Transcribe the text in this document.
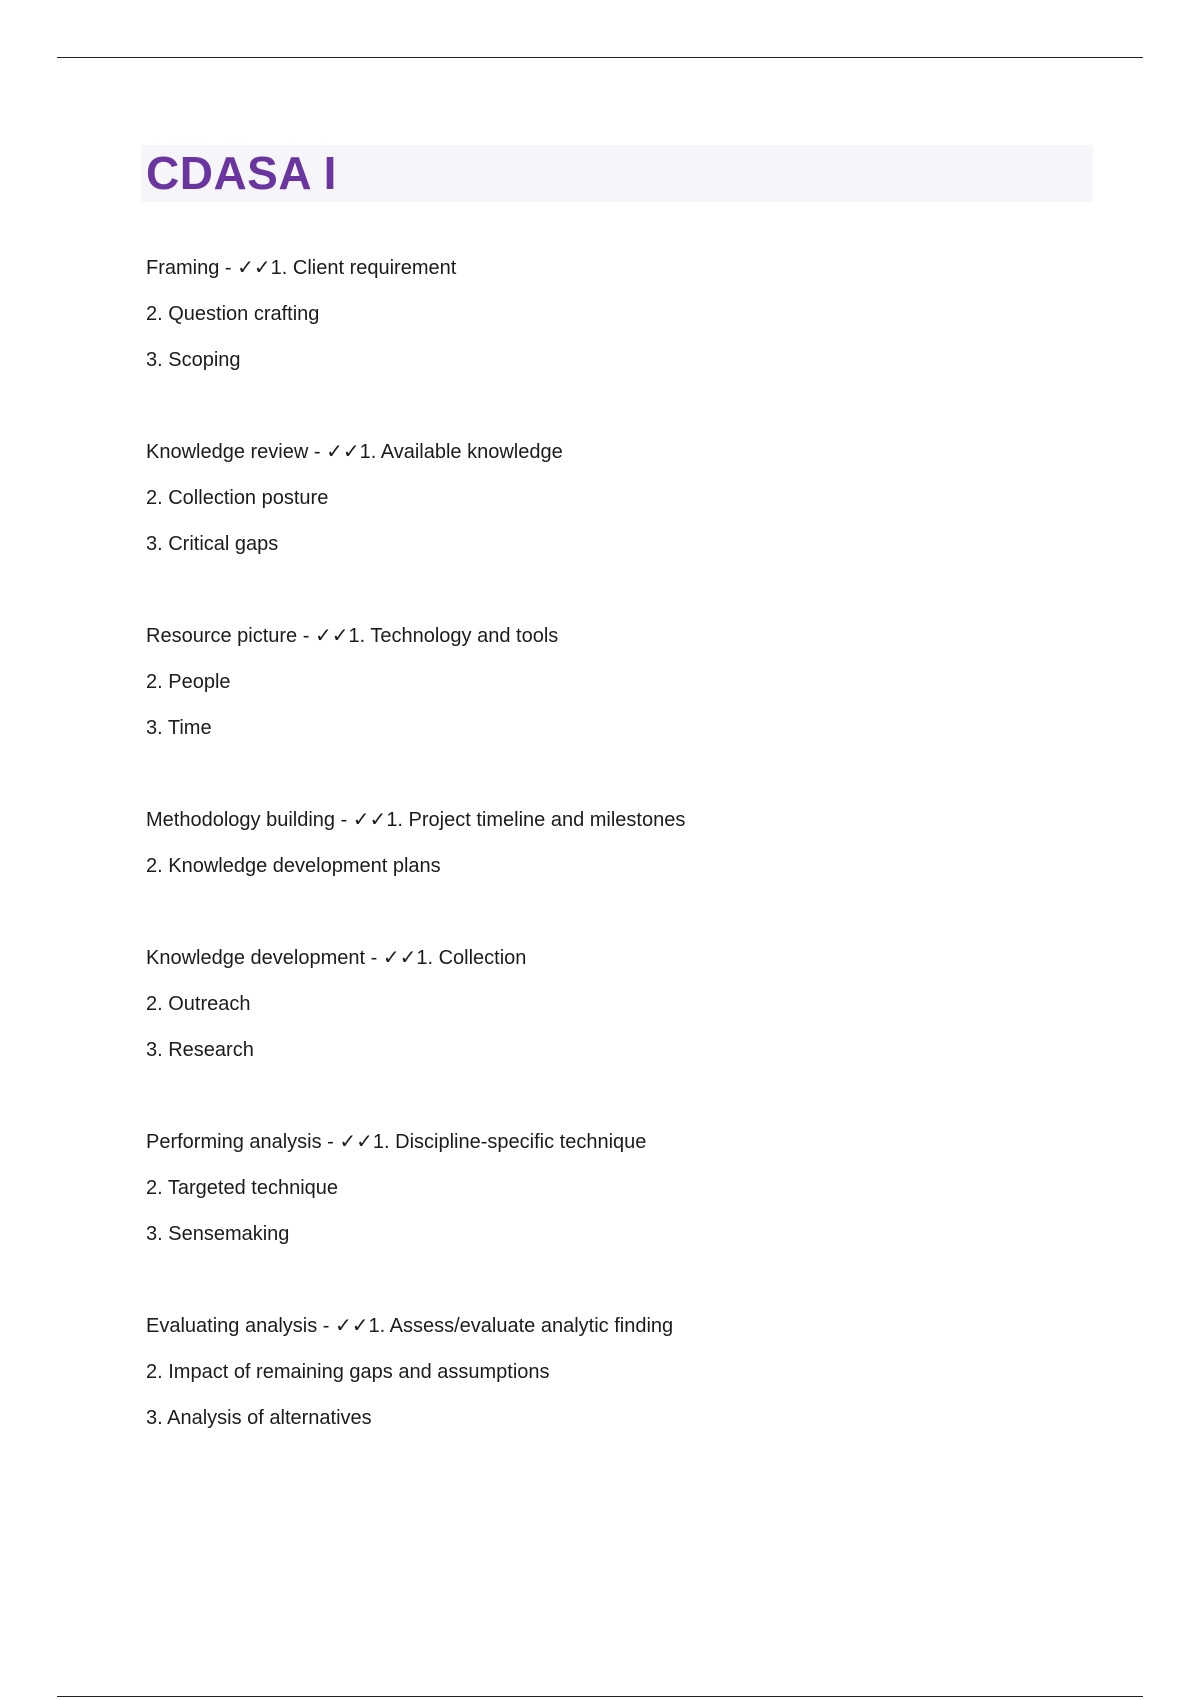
CDASA I
Framing - ✓✓1. Client requirement
2. Question crafting
3. Scoping
Knowledge review - ✓✓1. Available knowledge
2. Collection posture
3. Critical gaps
Resource picture - ✓✓1. Technology and tools
2. People
3. Time
Methodology building - ✓✓1. Project timeline and milestones
2. Knowledge development plans
Knowledge development - ✓✓1. Collection
2. Outreach
3. Research
Performing analysis - ✓✓1. Discipline-specific technique
2. Targeted technique
3. Sensemaking
Evaluating analysis - ✓✓1. Assess/evaluate analytic finding
2. Impact of remaining gaps and assumptions
3. Analysis of alternatives
